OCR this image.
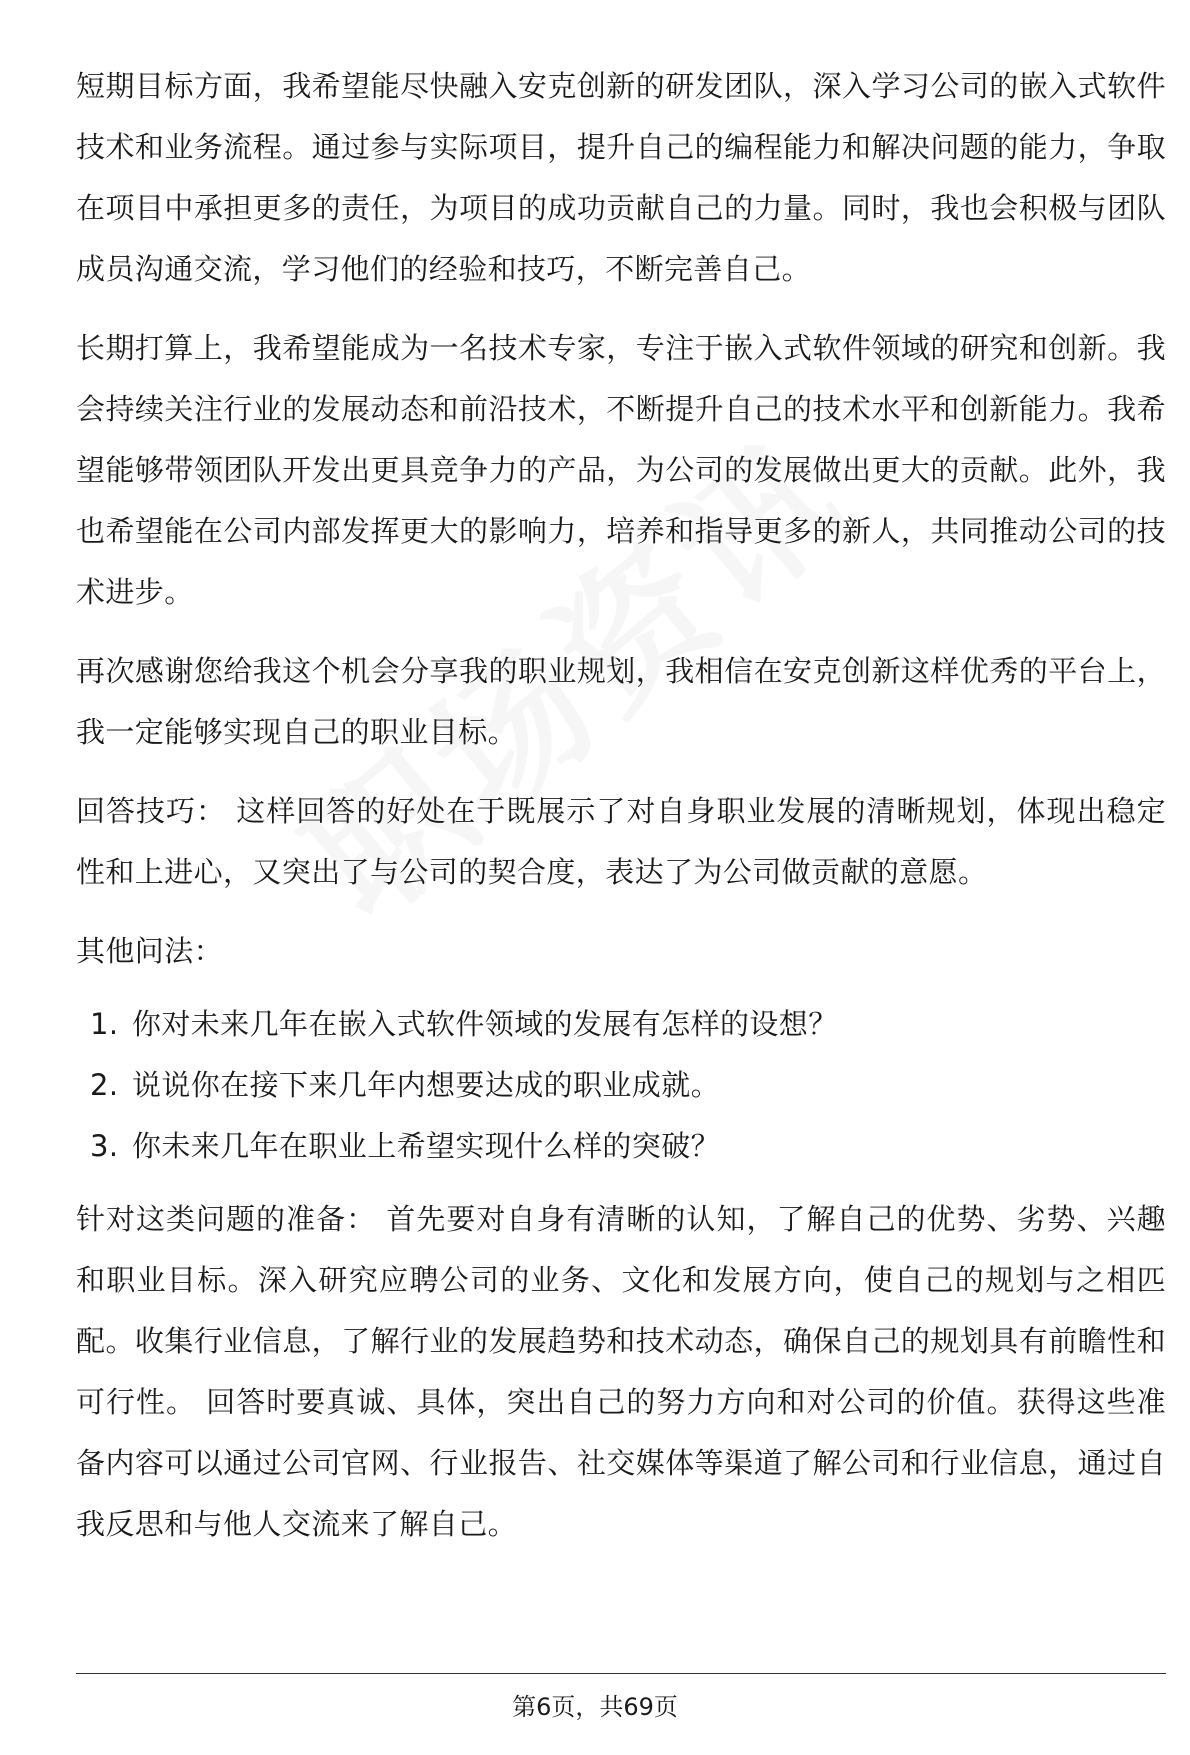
短期目标方面，我希望能尽快融入安克创新的研发团队，深入学习公司的嵌入式软件技术和业务流程。通过参与实际项目，提升自己的编程能力和解决问题的能力，争取在项目中承担更多的责任，为项目的成功贡献自己的力量。同时，我也会积极与团队成员沟通交流，学习他们的经验和技巧，不断完善自己。

长期打算上，我希望能成为一名技术专家，专注于嵌入式软件领域的研究和创新。我会持续关注行业的发展动态和前沿技术，不断提升自己的技术水平和创新能力。我希望能够带领团队开发出更具竞争力的产品，为公司的发展做出更大的贡献。此外，我也希望能在公司内部发挥更大的影响力，培养和指导更多的新人，共同推动公司的技术进步。

再次感谢您给我这个机会分享我的职业规划，我相信在安克创新这样优秀的平台上，我一定能够实现自己的职业目标。

回答技巧： 这样回答的好处在于既展示了对自身职业发展的清晰规划，体现出稳定性和上进心，又突出了与公司的契合度，表达了为公司做贡献的意愿。

其他问法：

1. 你对未来几年在嵌入式软件领域的发展有怎样的设想？
2. 说说你在接下来几年内想要达成的职业成就。
3. 你未来几年在职业上希望实现什么样的突破？

针对这类问题的准备： 首先要对自身有清晰的认知，了解自己的优势、劣势、兴趣和职业目标。深入研究应聘公司的业务、文化和发展方向，使自己的规划与之相匹配。收集行业信息，了解行业的发展趋势和技术动态，确保自己的规划具有前瞻性和可行性。 回答时要真诚、具体，突出自己的努力方向和对公司的价值。获得这些准备内容可以通过公司官网、行业报告、社交媒体等渠道了解公司和行业信息，通过自我反思和与他人交流来了解自己。

第6页，共69页
